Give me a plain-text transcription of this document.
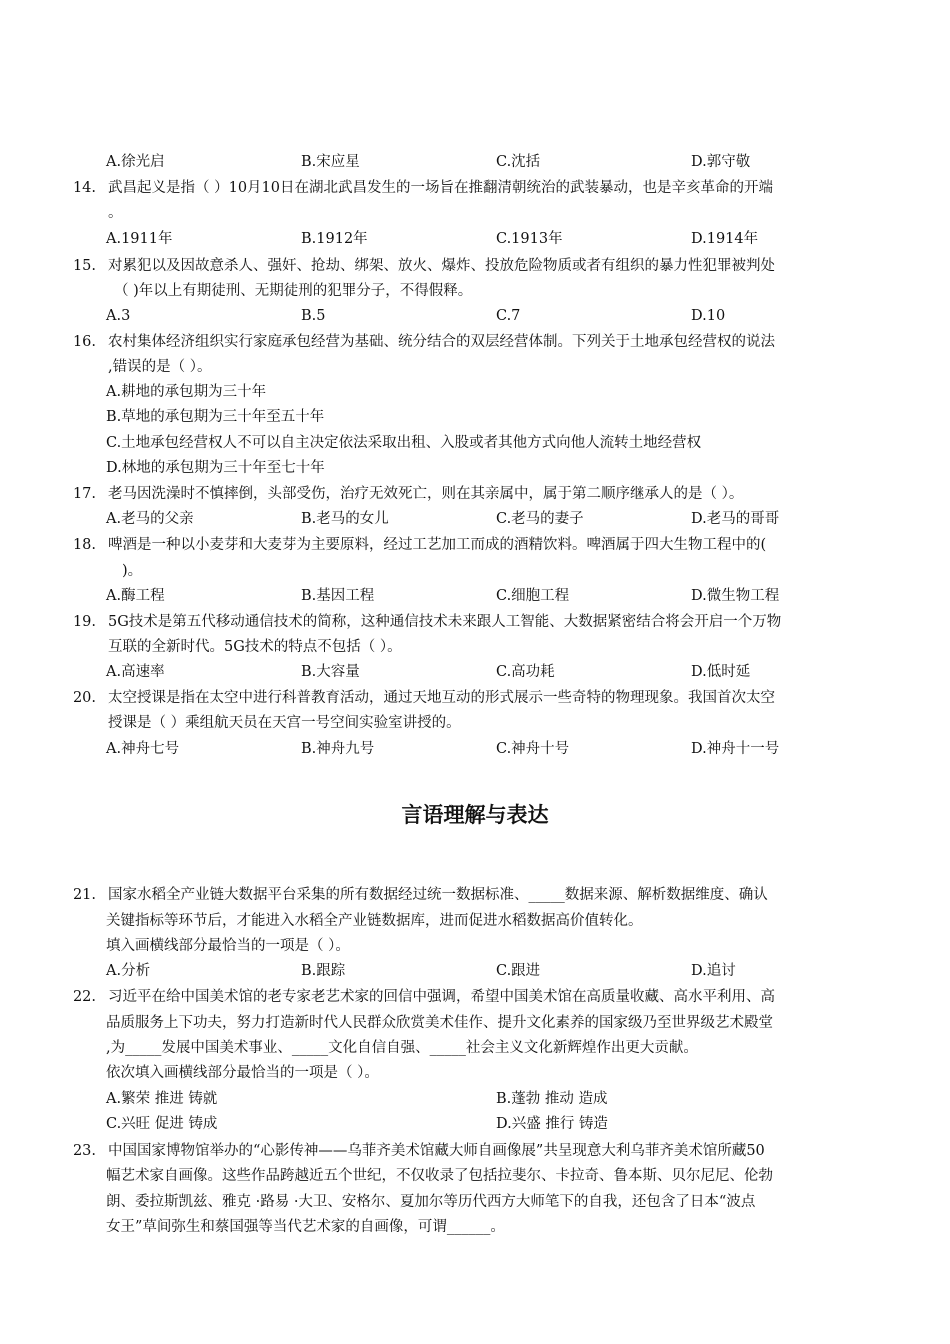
A.徐光启	B.宋应星	C.沈括	D.郭守敬
14. 武昌起义是指（ ）10月10日在湖北武昌发生的一场旨在推翻清朝统治的武装暴动，也是辛亥革命的开端
。
A.1911年	B.1912年	C.1913年	D.1914年
15. 对累犯以及因故意杀人、强奸、抢劫、绑架、放火、爆炸、投放危险物质或者有组织的暴力性犯罪被判处
（ )年以上有期徒刑、无期徒刑的犯罪分子，不得假释。
A.3	B.5	C.7	D.10
16. 农村集体经济组织实行家庭承包经营为基础、统分结合的双层经营体制。下列关于土地承包经营权的说法
,错误的是（ ）。
A.耕地的承包期为三十年
B.草地的承包期为三十年至五十年
C.土地承包经营权人不可以自主决定依法采取出租、入股或者其他方式向他人流转土地经营权
D.林地的承包期为三十年至七十年
17. 老马因洗澡时不慎摔倒，头部受伤，治疗无效死亡，则在其亲属中，属于第二顺序继承人的是（ ）。
A.老马的父亲	B.老马的女儿	C.老马的妻子	D.老马的哥哥
18. 啤酒是一种以小麦芽和大麦芽为主要原料，经过工艺加工而成的酒精饮料。啤酒属于四大生物工程中的(
)。
A.酶工程	B.基因工程	C.细胞工程	D.微生物工程
19. 5G技术是第五代移动通信技术的简称，这种通信技术未来跟人工智能、大数据紧密结合将会开启一个万物
互联的全新时代。5G技术的特点不包括（ ）。
A.高速率	B.大容量	C.高功耗	D.低时延
20. 太空授课是指在太空中进行科普教育活动，通过天地互动的形式展示一些奇特的物理现象。我国首次太空
授课是（ ）乘组航天员在天宫一号空间实验室讲授的。
A.神舟七号	B.神舟九号	C.神舟十号	D.神舟十一号
言语理解与表达
21. 国家水稻全产业链大数据平台采集的所有数据经过统一数据标准、_____数据来源、解析数据维度、确认
关键指标等环节后，才能进入水稻全产业链数据库，进而促进水稻数据高价值转化。
填入画横线部分最恰当的一项是（ ）。
A.分析	B.跟踪	C.跟进	D.追讨
22. 习近平在给中国美术馆的老专家老艺术家的回信中强调，希望中国美术馆在高质量收藏、高水平利用、高
品质服务上下功夫，努力打造新时代人民群众欣赏美术佳作、提升文化素养的国家级乃至世界级艺术殿堂
,为_____发展中国美术事业、_____文化自信自强、_____社会主义文化新辉煌作出更大贡献。
依次填入画横线部分最恰当的一项是（ ）。
A.繁荣 推进 铸就	B.蓬勃 推动 造成
C.兴旺 促进 铸成	D.兴盛 推行 铸造
23. 中国国家博物馆举办的“心影传神——乌菲齐美术馆藏大师自画像展”共呈现意大利乌菲齐美术馆所藏50
幅艺术家自画像。这些作品跨越近五个世纪，不仅收录了包括拉斐尔、卡拉奇、鲁本斯、贝尔尼尼、伦勃
朗、委拉斯凯兹、雅克 ·路易 ·大卫、安格尔、夏加尔等历代西方大师笔下的自我，还包含了日本“波点
女王”草间弥生和蔡国强等当代艺术家的自画像，可谓______。
